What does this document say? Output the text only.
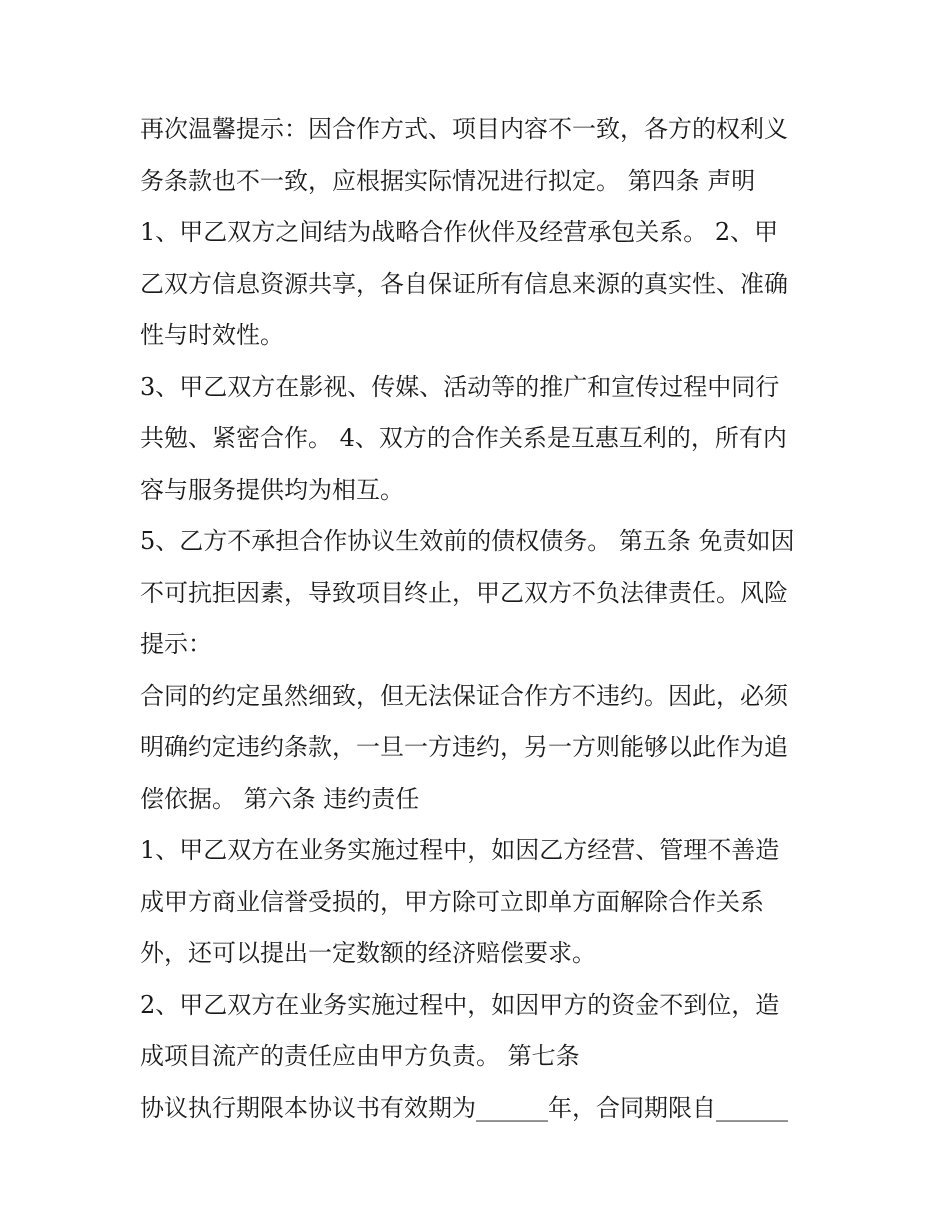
再次温馨提示：因合作方式、项目内容不一致，各方的权利义
务条款也不一致，应根据实际情况进行拟定。 第四条 声明
1、甲乙双方之间结为战略合作伙伴及经营承包关系。 2、甲
乙双方信息资源共享，各自保证所有信息来源的真实性、准确
性与时效性。
3、甲乙双方在影视、传媒、活动等的推广和宣传过程中同行
共勉、紧密合作。 4、双方的合作关系是互惠互利的，所有内
容与服务提供均为相互。
5、乙方不承担合作协议生效前的债权债务。 第五条 免责如因
不可抗拒因素，导致项目终止，甲乙双方不负法律责任。风险
提示：
合同的约定虽然细致，但无法保证合作方不违约。因此，必须
明确约定违约条款，一旦一方违约，另一方则能够以此作为追
偿依据。 第六条 违约责任
1、甲乙双方在业务实施过程中，如因乙方经营、管理不善造
成甲方商业信誉受损的，甲方除可立即单方面解除合作关系
外，还可以提出一定数额的经济赔偿要求。
2、甲乙双方在业务实施过程中，如因甲方的资金不到位，造
成项目流产的责任应由甲方负责。 第七条
协议执行期限本协议书有效期为______年，合同期限自______
